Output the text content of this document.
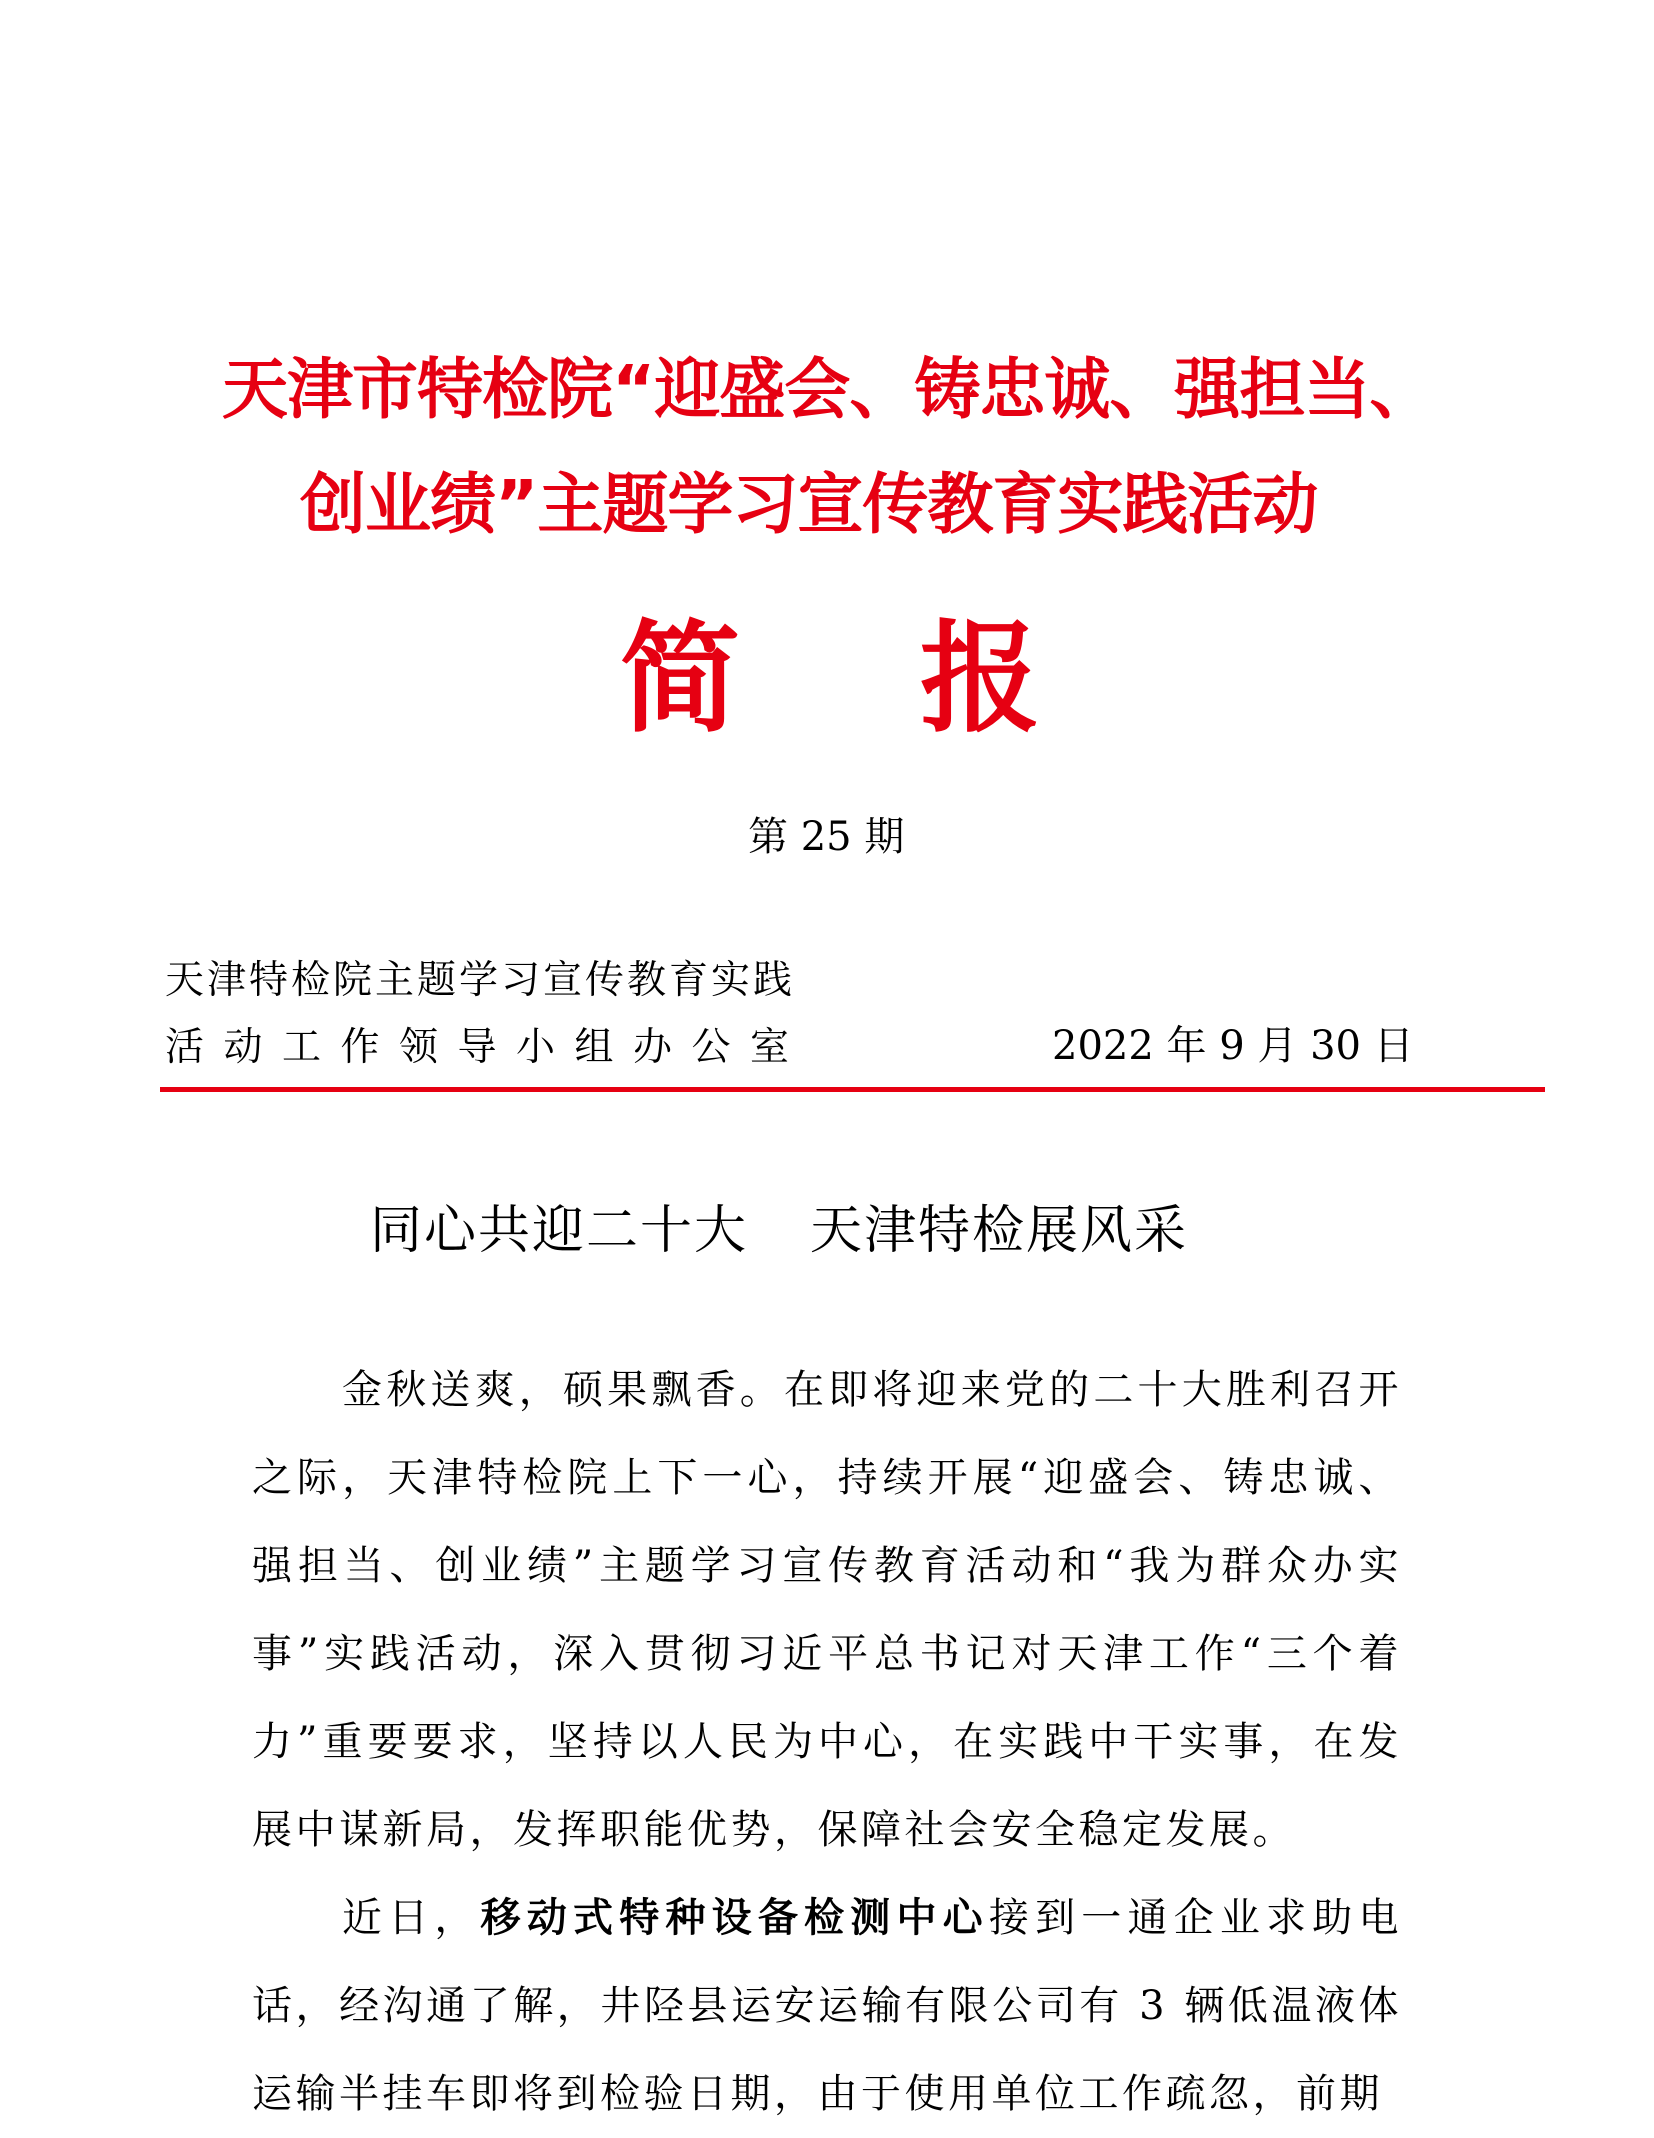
天津市特检院“迎盛会、铸忠诚、强担当、
创业绩”主题学习宣传教育实践活动
简 报
第 25 期
天津特检院主题学习宣传教育实践
活动工作领导小组办公室	2022 年 9 月 30 日
同心共迎二十大 天津特检展风采

金秋送爽，硕果飘香。在即将迎来党的二十大胜利召开之际，天津特检院上下一心，持续开展“迎盛会、铸忠诚、强担当、创业绩”主题学习宣传教育活动和“我为群众办实事”实践活动，深入贯彻习近平总书记对天津工作“三个着力”重要要求，坚持以人民为中心，在实践中干实事，在发展中谋新局，发挥职能优势，保障社会安全稳定发展。

近日，移动式特种设备检测中心接到一通企业求助电话，经沟通了解，井陉县运安运输有限公司有 3 辆低温液体运输半挂车即将到检验日期，由于使用单位工作疏忽，前期
